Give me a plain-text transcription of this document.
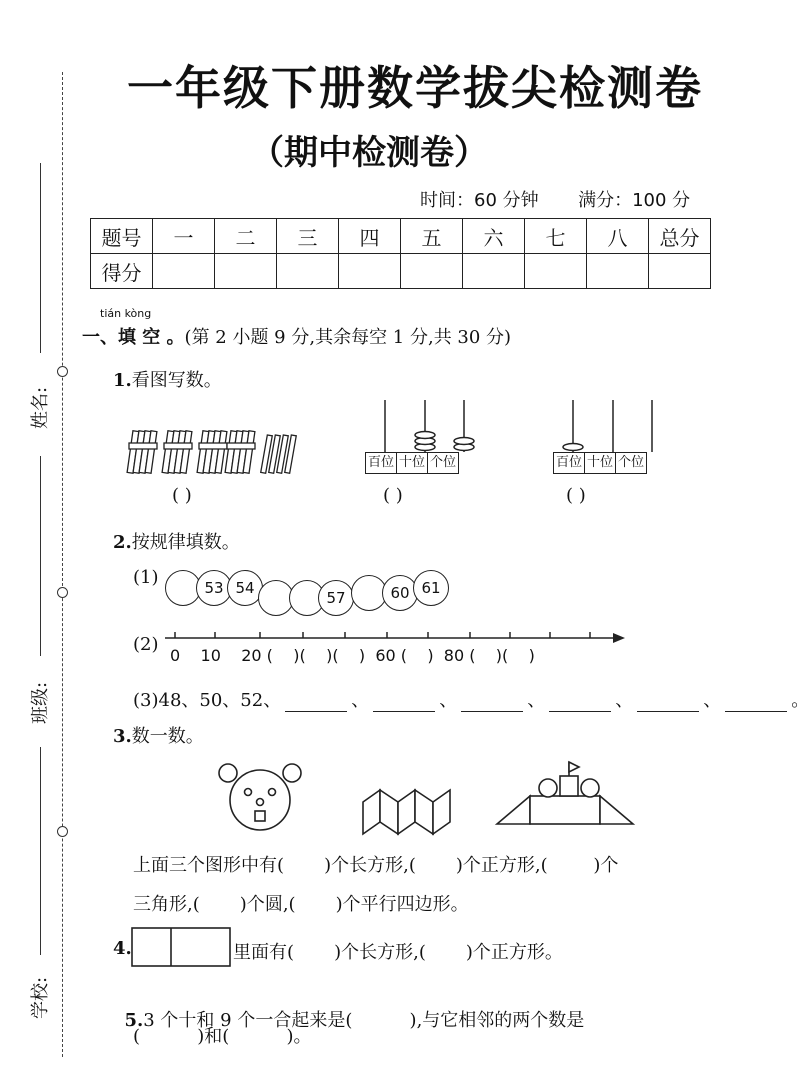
姓名:
班级:
学校:
一年级下册数学拔尖检测卷
（期中检测卷）
时间：60 分钟 满分：100 分
题号	一	二	三	四	五	六	七	八	总分
得分									
tián kòng
一、填 空 。(第 2 小题 9 分,其余每空 1 分,共 30 分)
1.看图写数。
( )
百位 十位 个位
( )
百位 十位 个位
( )
2.按规律填数。
(1)	53 54
57	60 61
(2)
0    10    20 (    )(    )(    )  60 (    )  80 (    )(    )
(3)48、50、52、	、	、	、	、	、	。
3.数一数。
上面三个图形中有(       )个长方形,(       )个正方形,(        )个
三角形,(       )个圆,(       )个平行四边形。
4.	里面有(       )个长方形,(       )个正方形。

5.3 个十和 9 个一合起来是(          ),与它相邻的两个数是

(          )和(          )。
